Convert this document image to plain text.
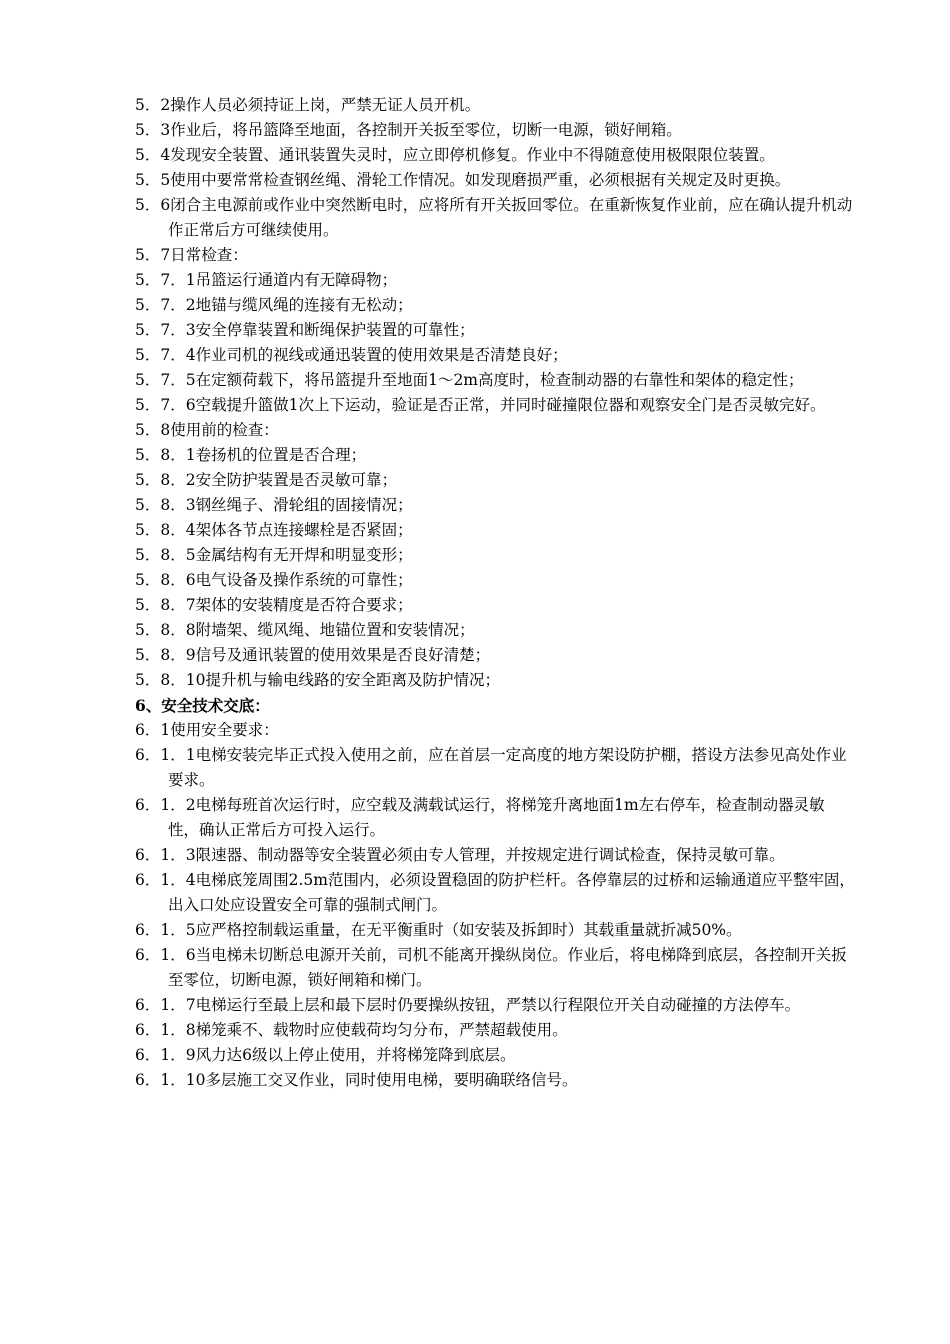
5．2操作人员必须持证上岗，严禁无证人员开机。

5．3作业后，将吊篮降至地面，各控制开关扳至零位，切断一电源，锁好闸箱。

5．4发现安全装置、通讯装置失灵时，应立即停机修复。作业中不得随意使用极限限位装置。

5．5使用中要常常检查钢丝绳、滑轮工作情况。如发现磨损严重，必须根据有关规定及时更换。

5．6闭合主电源前或作业中突然断电时，应将所有开关扳回零位。在重新恢复作业前，应在确认提升机动作正常后方可继续使用。

5．7日常检查：

5．7．1吊篮运行通道内有无障碍物；

5．7．2地锚与缆风绳的连接有无松动；

5．7．3安全停靠装置和断绳保护装置的可靠性；

5．7．4作业司机的视线或通迅装置的使用效果是否清楚良好；

5．7．5在定额荷载下，将吊篮提升至地面1～2m高度时，检查制动器的右靠性和架体的稳定性；

5．7．6空载提升篮做1次上下运动，验证是否正常，并同时碰撞限位器和观察安全门是否灵敏完好。

5．8使用前的检查：

5．8．1卷扬机的位置是否合理；

5．8．2安全防护装置是否灵敏可靠；

5．8．3钢丝绳子、滑轮组的固接情况；

5．8．4架体各节点连接螺栓是否紧固；

5．8．5金属结构有无开焊和明显变形；

5．8．6电气设备及操作系统的可靠性；

5．8．7架体的安装精度是否符合要求；

5．8．8附墙架、缆风绳、地锚位置和安装情况；

5．8．9信号及通讯装置的使用效果是否良好清楚；

5．8．10提升机与输电线路的安全距离及防护情况；

6、安全技术交底：

6．1使用安全要求：

6．1．1电梯安装完毕正式投入使用之前，应在首层一定高度的地方架设防护棚，搭设方法参见高处作业要求。

6．1．2电梯每班首次运行时，应空载及满载试运行，将梯笼升离地面1m左右停车，检查制动器灵敏性，确认正常后方可投入运行。

6．1．3限速器、制动器等安全装置必须由专人管理，并按规定进行调试检查，保持灵敏可靠。

6．1．4电梯底笼周围2.5m范围内，必须设置稳固的防护栏杆。各停靠层的过桥和运输通道应平整牢固，出入口处应设置安全可靠的强制式闸门。

6．1．5应严格控制载运重量，在无平衡重时（如安装及拆卸时）其载重量就折减50%。

6．1．6当电梯未切断总电源开关前，司机不能离开操纵岗位。作业后，将电梯降到底层，各控制开关扳至零位，切断电源，锁好闸箱和梯门。

6．1．7电梯运行至最上层和最下层时仍要操纵按钮，严禁以行程限位开关自动碰撞的方法停车。

6．1．8梯笼乘不、载物时应使载荷均匀分布，严禁超载使用。

6．1．9风力达6级以上停止使用，并将梯笼降到底层。

6．1．10多层施工交叉作业，同时使用电梯，要明确联络信号。
